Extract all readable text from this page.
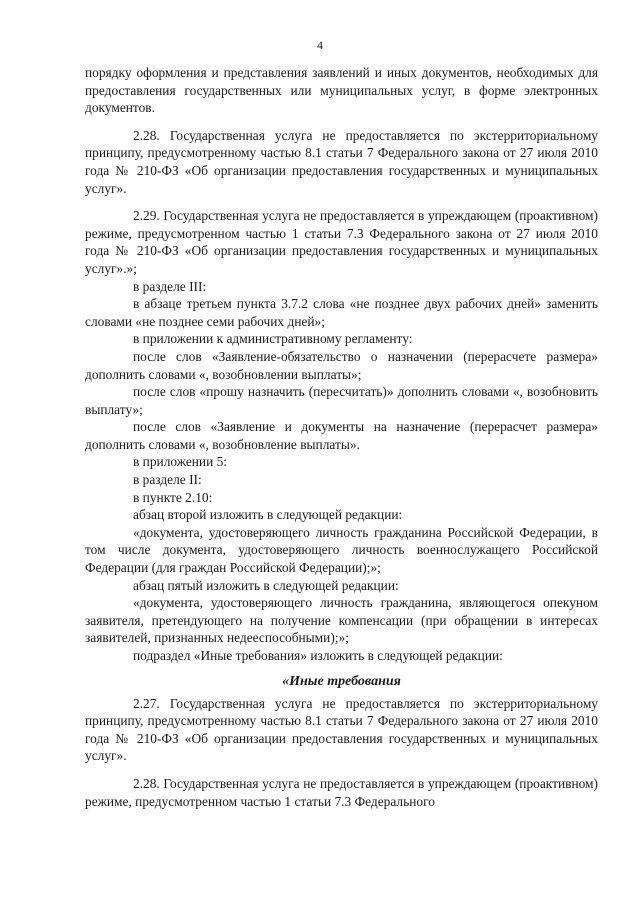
4

порядку оформления и представления заявлений и иных документов, необходимых для предоставления государственных или муниципальных услуг, в форме электронных документов.

2.28. Государственная услуга не предоставляется по экстерриториальному принципу, предусмотренному частью 8.1 статьи 7 Федерального закона от 27 июля 2010 года № 210-ФЗ «Об организации предоставления государственных и муниципальных услуг».

2.29. Государственная услуга не предоставляется в упреждающем (проактивном) режиме, предусмотренном частью 1 статьи 7.3 Федерального закона от 27 июля 2010 года № 210-ФЗ «Об организации предоставления государственных и муниципальных услуг».»;

в разделе III:

в абзаце третьем пункта 3.7.2 слова «не позднее двух рабочих дней» заменить словами «не позднее семи рабочих дней»;

в приложении к административному регламенту:

после слов «Заявление-обязательство о назначении (перерасчете размера» дополнить словами «, возобновлении выплаты»;

после слов «прошу назначить (пересчитать)» дополнить словами «, возобновить выплату»;

после слов «Заявление и документы на назначение (перерасчет размера» дополнить словами «, возобновление выплаты».

в приложении 5:

в разделе II:

в пункте 2.10:

абзац второй изложить в следующей редакции:

«документа, удостоверяющего личность гражданина Российской Федерации, в том числе документа, удостоверяющего личность военнослужащего Российской Федерации (для граждан Российской Федерации);»;

абзац пятый изложить в следующей редакции:

«документа, удостоверяющего личность гражданина, являющегося опекуном заявителя, претендующего на получение компенсации (при обращении в интересах заявителей, признанных недееспособными);»;

подраздел «Иные требования» изложить в следующей редакции:

«Иные требования

2.27. Государственная услуга не предоставляется по экстерриториальному принципу, предусмотренному частью 8.1 статьи 7 Федерального закона от 27 июля 2010 года № 210-ФЗ «Об организации предоставления государственных и муниципальных услуг».

2.28. Государственная услуга не предоставляется в упреждающем (проактивном) режиме, предусмотренном частью 1 статьи 7.3 Федерального
